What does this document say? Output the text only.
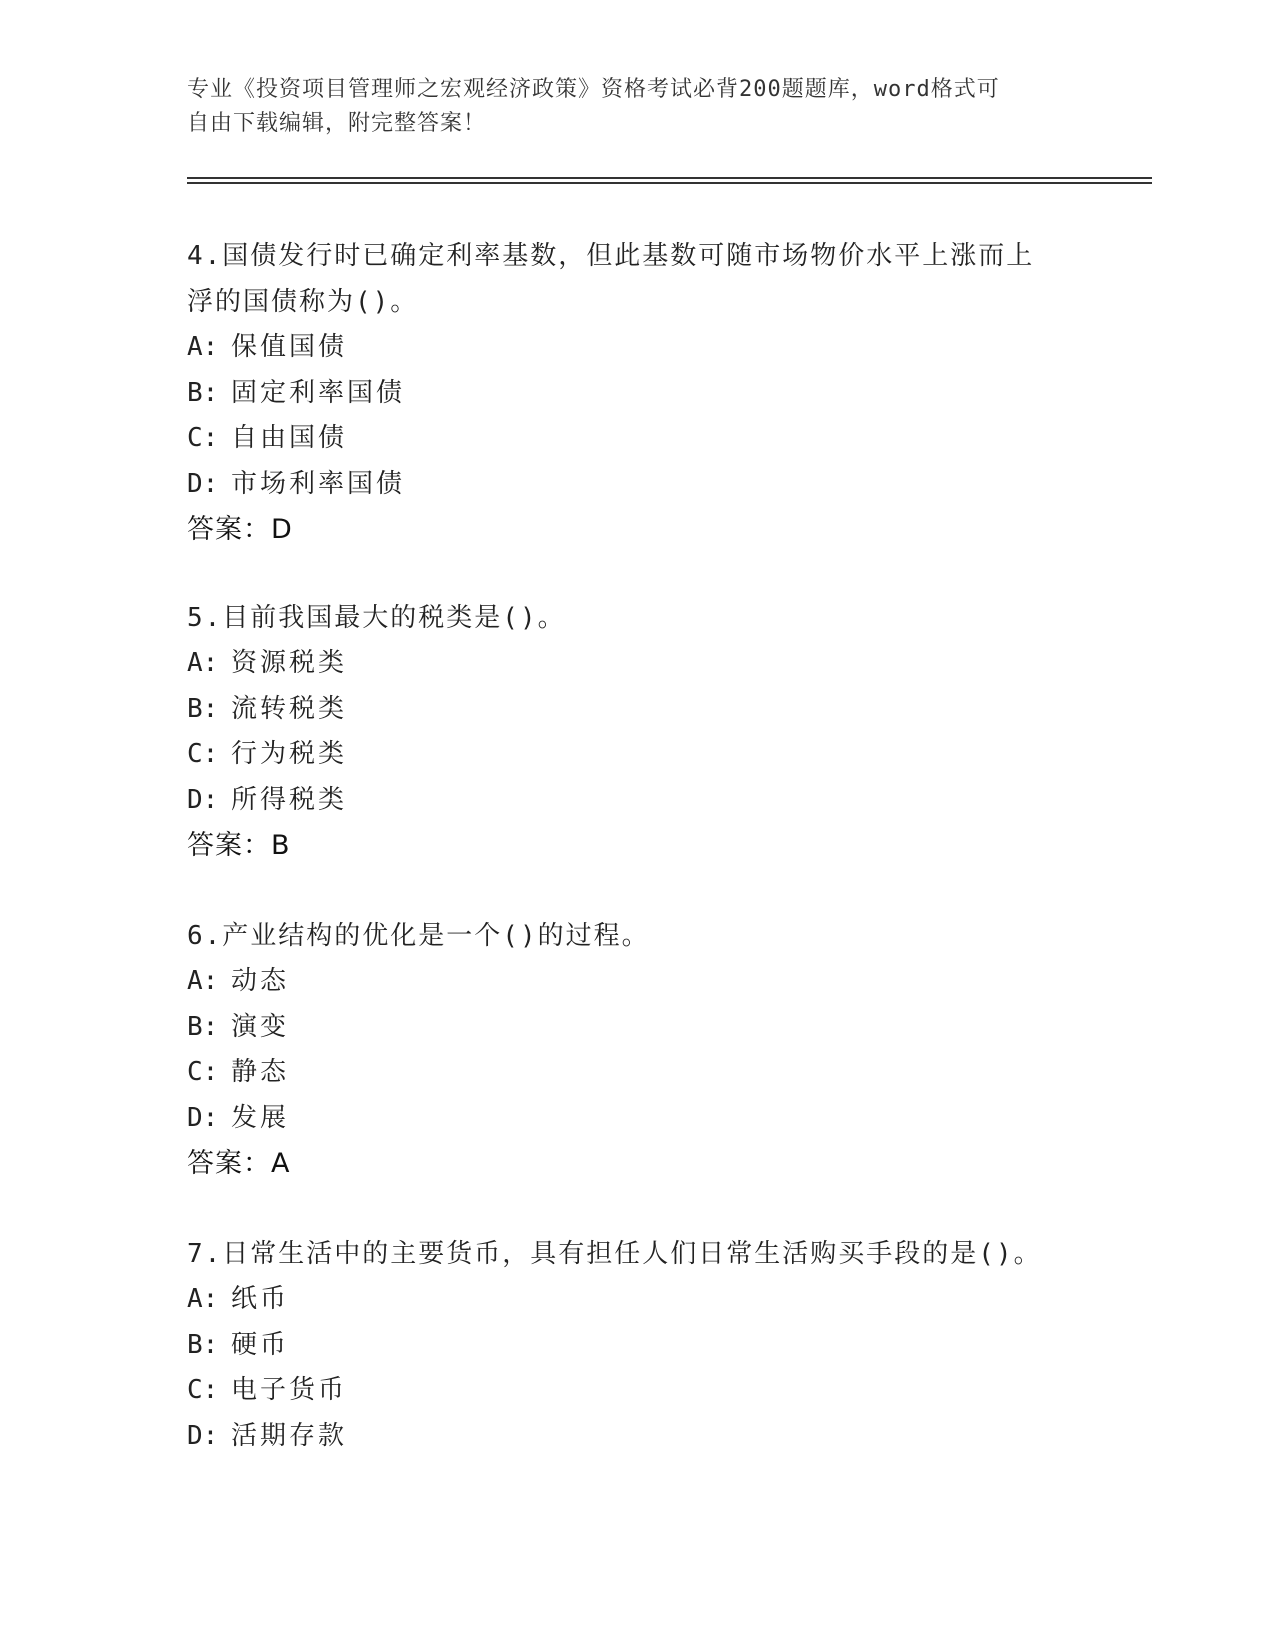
专业《投资项目管理师之宏观经济政策》资格考试必背200题题库，word格式可
自由下载编辑，附完整答案！
4.国债发行时已确定利率基数，但此基数可随市场物价水平上涨而上
浮的国债称为()。
A: 保值国债
B: 固定利率国债
C: 自由国债
D: 市场利率国债
答案：D
5.目前我国最大的税类是()。
A: 资源税类
B: 流转税类
C: 行为税类
D: 所得税类
答案：B
6.产业结构的优化是一个()的过程。
A: 动态
B: 演变
C: 静态
D: 发展
答案：A
7.日常生活中的主要货币，具有担任人们日常生活购买手段的是()。
A: 纸币
B: 硬币
C: 电子货币
D: 活期存款
